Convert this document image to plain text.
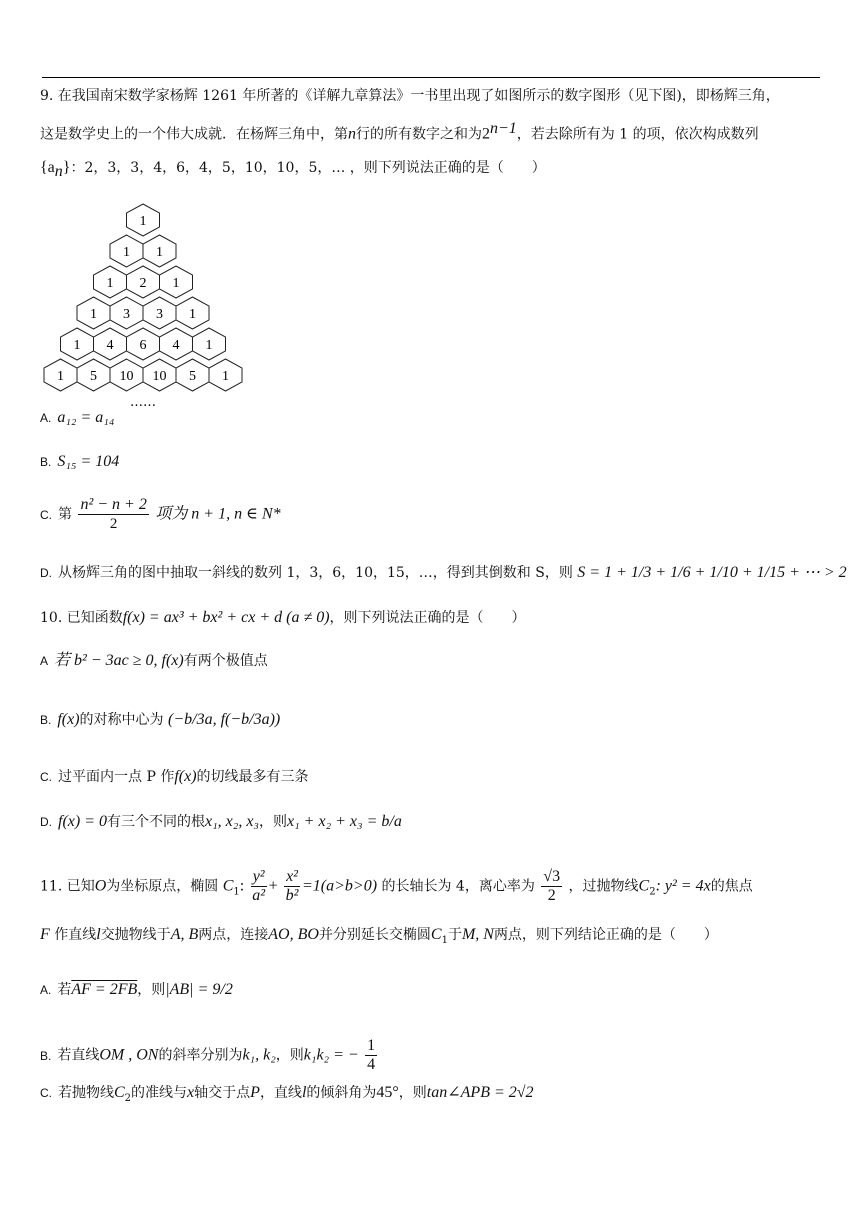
9. 在我国南宋数学家杨辉 1261 年所著的《详解九章算法》一书里出现了如图所示的数字图形（见下图)，即杨辉三角，
这是数学史上的一个伟大成就．在杨辉三角中，第n行的所有数字之和为$2^{n-1}$，若去除所有为 1 的项，依次构成数列
$\{a_n\}$：2，3，3，4，6，4，5，10，10，5，… ，则下列说法正确的是（　　）
1
1 1
1 2 1
1 3 3 1
1 4 6 4 1
1 5 10 10 5 1
……
A. a₁₂ = a₁₄
B. S₁₅ = 104
C. 第 $\frac{\text{n² − n + 2}}{2}$ 项为 n + 1, n ∈ N*
D. 从杨辉三角的图中抽取一斜线的数列 1，3，6，10，15，…，得到其倒数和 S，则 S = 1 + 1/3 + 1/6 + 1/10 + 1/15 + ⋯ > 2
10. 已知函数f(x) = ax³ + bx² + cx + d (a ≠ 0)，则下列说法正确的是（　　）
A 若 b² − 3ac ≥ 0, f(x)有两个极值点
B. f(x)的对称中心为 (−b/3a, f(−b/3a))
C. 过平面内一点 P 作f(x)的切线最多有三条
D. f(x) = 0有三个不同的根x₁, x₂, x₃，则x₁ + x₂ + x₃ = b/a
11. 已知O为坐标原点，椭圆 $C_1$: $\frac{\text{y²}}{\text{a²}} + \frac{\text{x²}}{\text{b²}} =1(a>b>0)$ 的长轴长为 4，离心率为 $\frac{√3}{2}$ ，过抛物线$C_2$: y² = 4x的焦点
F 作直线l交抛物线于A, B两点，连接AO, BO并分别延长交椭圆$C_1$于M, N两点，则下列结论正确的是（　　）
A. 若AF = 2FB，则|AB| = 9/2
B. 若直线OM , ON的斜率分别为k₁, k₂，则k₁k₂ = − $\frac{1}{4}$
C. 若抛物线$C_2$的准线与x轴交于点P，直线l的倾斜角为45°，则tan∠APB = 2√2
